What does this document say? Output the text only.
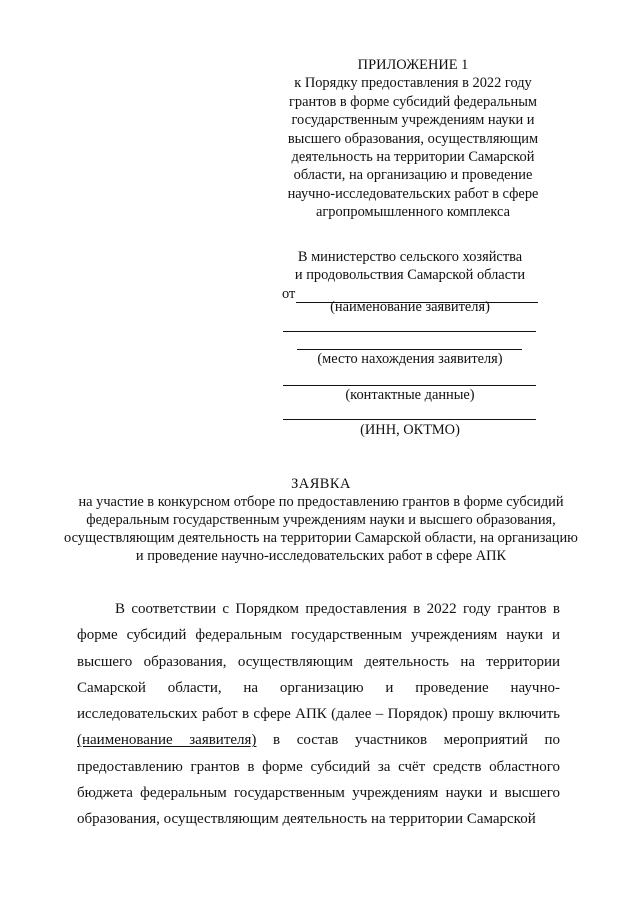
ПРИЛОЖЕНИЕ 1
к Порядку предоставления в 2022 году грантов в форме субсидий федеральным государственным учреждениям науки и высшего образования, осуществляющим деятельность на территории Самарской области, на организацию и проведение научно-исследовательских работ в сфере агропромышленного комплекса
В министерство сельского хозяйства
и продовольствия Самарской области
от
(наименование заявителя)
(место нахождения заявителя)
(контактные данные)
(ИНН, ОКТМО)
ЗАЯВКА
на участие в конкурсном отборе по предоставлению грантов в форме субсидий федеральным государственным учреждениям науки и высшего образования, осуществляющим деятельность на территории Самарской области, на организацию и проведение научно-исследовательских работ в сфере АПК
В соответствии с Порядком предоставления в 2022 году грантов в форме субсидий федеральным государственным учреждениям науки и высшего образования, осуществляющим деятельность на территории Самарской области, на организацию и проведение научно-исследовательских работ в сфере АПК (далее – Порядок) прошу включить (наименование заявителя) в состав участников мероприятий по предоставлению грантов в форме субсидий за счёт средств областного бюджета федеральным государственным учреждениям науки и высшего образования, осуществляющим деятельность на территории Самарской
